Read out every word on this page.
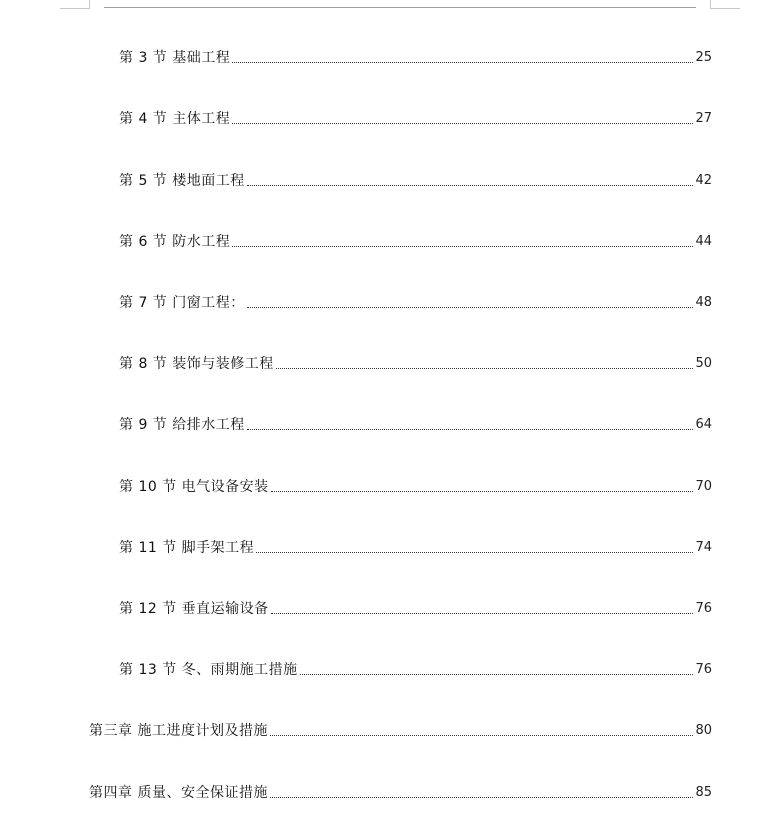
第 3 节 基础工程	25
第 4 节 主体工程	27
第 5 节 楼地面工程	42
第 6 节 防水工程	44
第 7 节 门窗工程：	48
第 8 节 装饰与装修工程	50
第 9 节 给排水工程	64
第 10 节 电气设备安装	70
第 11 节 脚手架工程	74
第 12 节 垂直运输设备	76
第 13 节 冬、雨期施工措施	76
第三章 施工进度计划及措施	80
第四章 质量、安全保证措施	85
